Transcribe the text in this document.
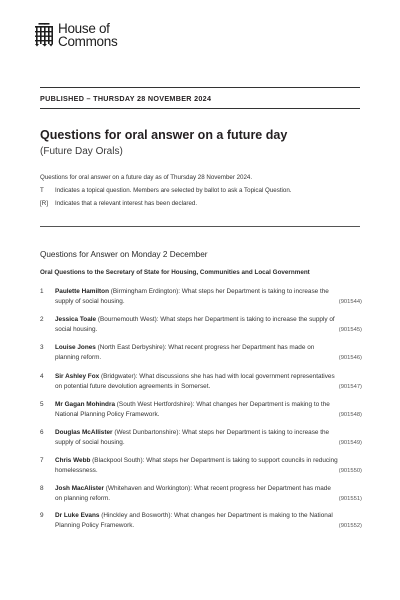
House of
Commons
PUBLISHED – THURSDAY 28 NOVEMBER 2024
Questions for oral answer on a future day
(Future Day Orals)
Questions for oral answer on a future day as of Thursday 28 November 2024.
T Indicates a topical question. Members are selected by ballot to ask a Topical Question.
[R] Indicates that a relevant interest has been declared.
Questions for Answer on Monday 2 December
Oral Questions to the Secretary of State for Housing, Communities and Local Government
1 Paulette Hamilton (Birmingham Erdington): What steps her Department is taking to increase the supply of social housing.	(901544)
2 Jessica Toale (Bournemouth West): What steps her Department is taking to increase the supply of social housing.	(901545)
3 Louise Jones (North East Derbyshire): What recent progress her Department has made on planning reform.	(901546)
4 Sir Ashley Fox (Bridgwater): What discussions she has had with local government representatives on potential future devolution agreements in Somerset.	(901547)
5 Mr Gagan Mohindra (South West Hertfordshire): What changes her Department is making to the National Planning Policy Framework.	(901548)
6 Douglas McAllister (West Dunbartonshire): What steps her Department is taking to increase the supply of social housing.	(901549)
7 Chris Webb (Blackpool South): What steps her Department is taking to support councils in reducing homelessness.	(901550)
8 Josh MacAlister (Whitehaven and Workington): What recent progress her Department has made on planning reform.	(901551)
9 Dr Luke Evans (Hinckley and Bosworth): What changes her Department is making to the National Planning Policy Framework.	(901552)
